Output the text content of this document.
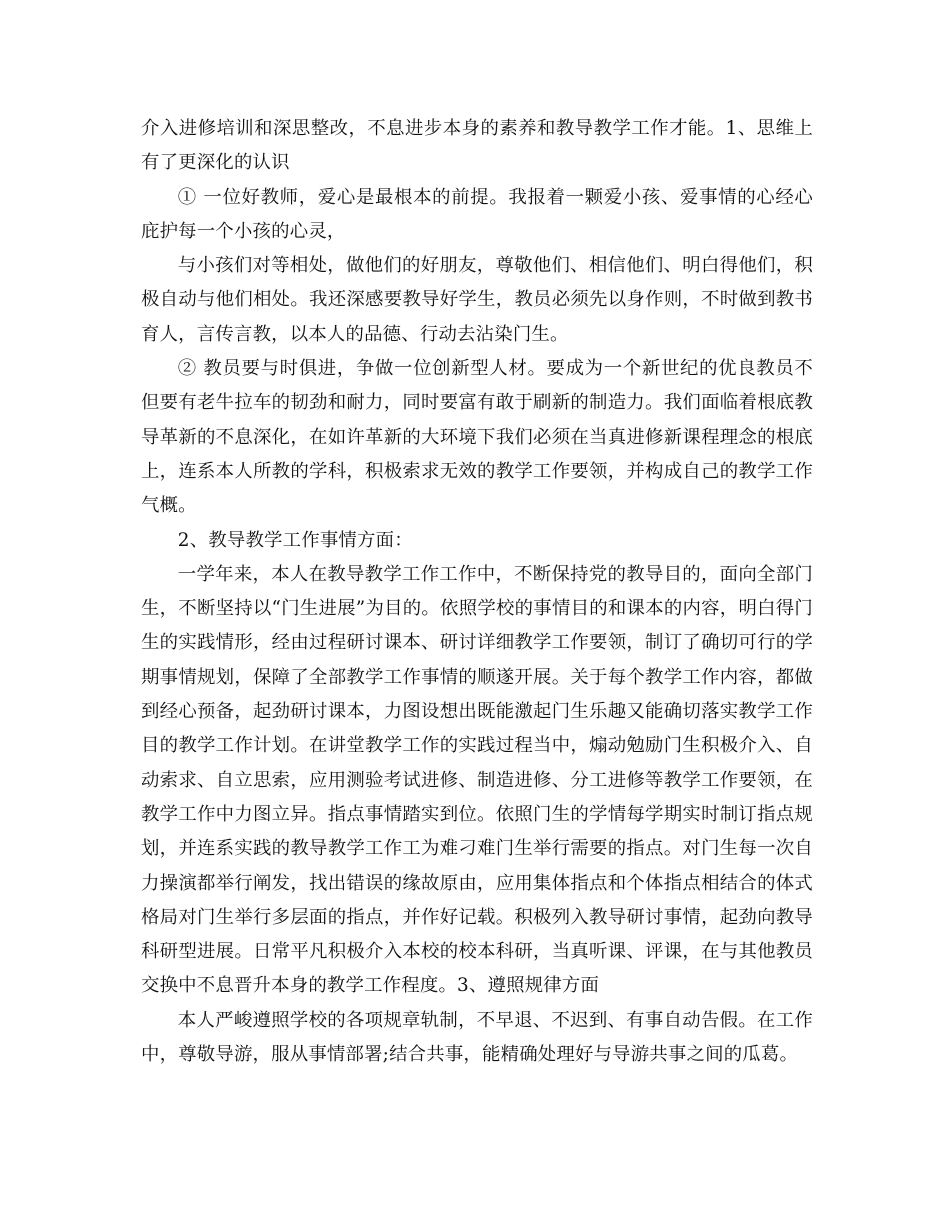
介入进修培训和深思整改，不息进步本身的素养和教导教学工作才能。1、思维上有了更深化的认识

① 一位好教师，爱心是最根本的前提。我报着一颗爱小孩、爱事情的心经心庇护每一个小孩的心灵，

与小孩们对等相处，做他们的好朋友，尊敬他们、相信他们、明白得他们，积极自动与他们相处。我还深感要教导好学生，教员必须先以身作则，不时做到教书育人，言传言教，以本人的品德、行动去沾染门生。

② 教员要与时俱进，争做一位创新型人材。要成为一个新世纪的优良教员不但要有老牛拉车的韧劲和耐力，同时要富有敢于刷新的制造力。我们面临着根底教导革新的不息深化，在如许革新的大环境下我们必须在当真进修新课程理念的根底上，连系本人所教的学科，积极索求无效的教学工作要领，并构成自己的教学工作气概。

2、教导教学工作事情方面：

一学年来，本人在教导教学工作工作中，不断保持党的教导目的，面向全部门生，不断坚持以“门生进展”为目的。依照学校的事情目的和课本的内容，明白得门生的实践情形，经由过程研讨课本、研讨详细教学工作要领，制订了确切可行的学期事情规划，保障了全部教学工作事情的顺遂开展。关于每个教学工作内容，都做到经心预备，起劲研讨课本，力图设想出既能激起门生乐趣又能确切落实教学工作目的教学工作计划。在讲堂教学工作的实践过程当中，煽动勉励门生积极介入、自动索求、自立思索，应用测验考试进修、制造进修、分工进修等教学工作要领，在教学工作中力图立异。指点事情踏实到位。依照门生的学情每学期实时制订指点规划，并连系实践的教导教学工作工为难刁难门生举行需要的指点。对门生每一次自力操演都举行阐发，找出错误的缘故原由，应用集体指点和个体指点相结合的体式格局对门生举行多层面的指点，并作好记载。积极列入教导研讨事情，起劲向教导科研型进展。日常平凡积极介入本校的校本科研，当真听课、评课，在与其他教员交换中不息晋升本身的教学工作程度。3、遵照规律方面

本人严峻遵照学校的各项规章轨制，不早退、不迟到、有事自动告假。在工作中，尊敬导游，服从事情部署;结合共事，能精确处理好与导游共事之间的瓜葛。
